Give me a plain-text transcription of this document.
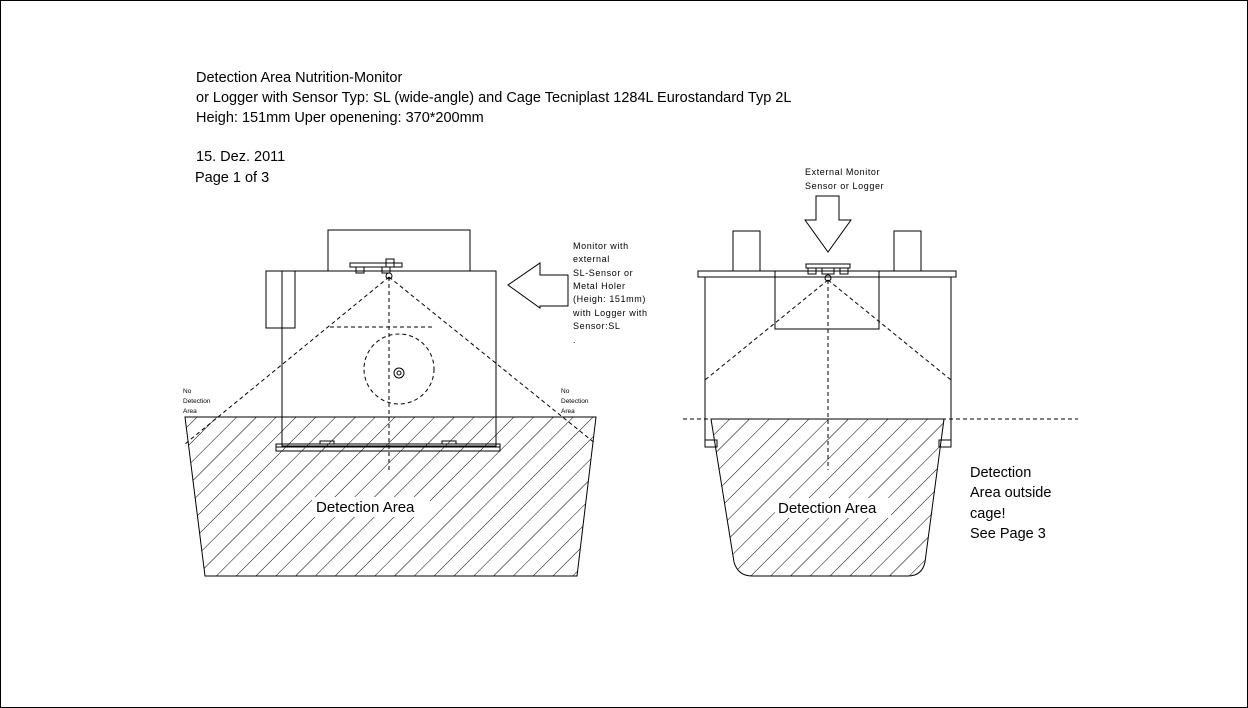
Detection Area Nutrition-Monitor
or Logger with Sensor Typ: SL (wide-angle) and Cage Tecniplast 1284L Eurostandard Typ 2L
Heigh: 151mm Uper openening: 370*200mm
15. Dez. 2011
Page 1 of 3
Detection Area
Monitor with external SL-Sensor or Metal Holer (Heigh: 151mm) with Logger with Sensor:SL .
No Detection Area
No Detection Area
Detection Area
External Monitor Sensor or Logger
Detection Area outside cage! See Page 3
